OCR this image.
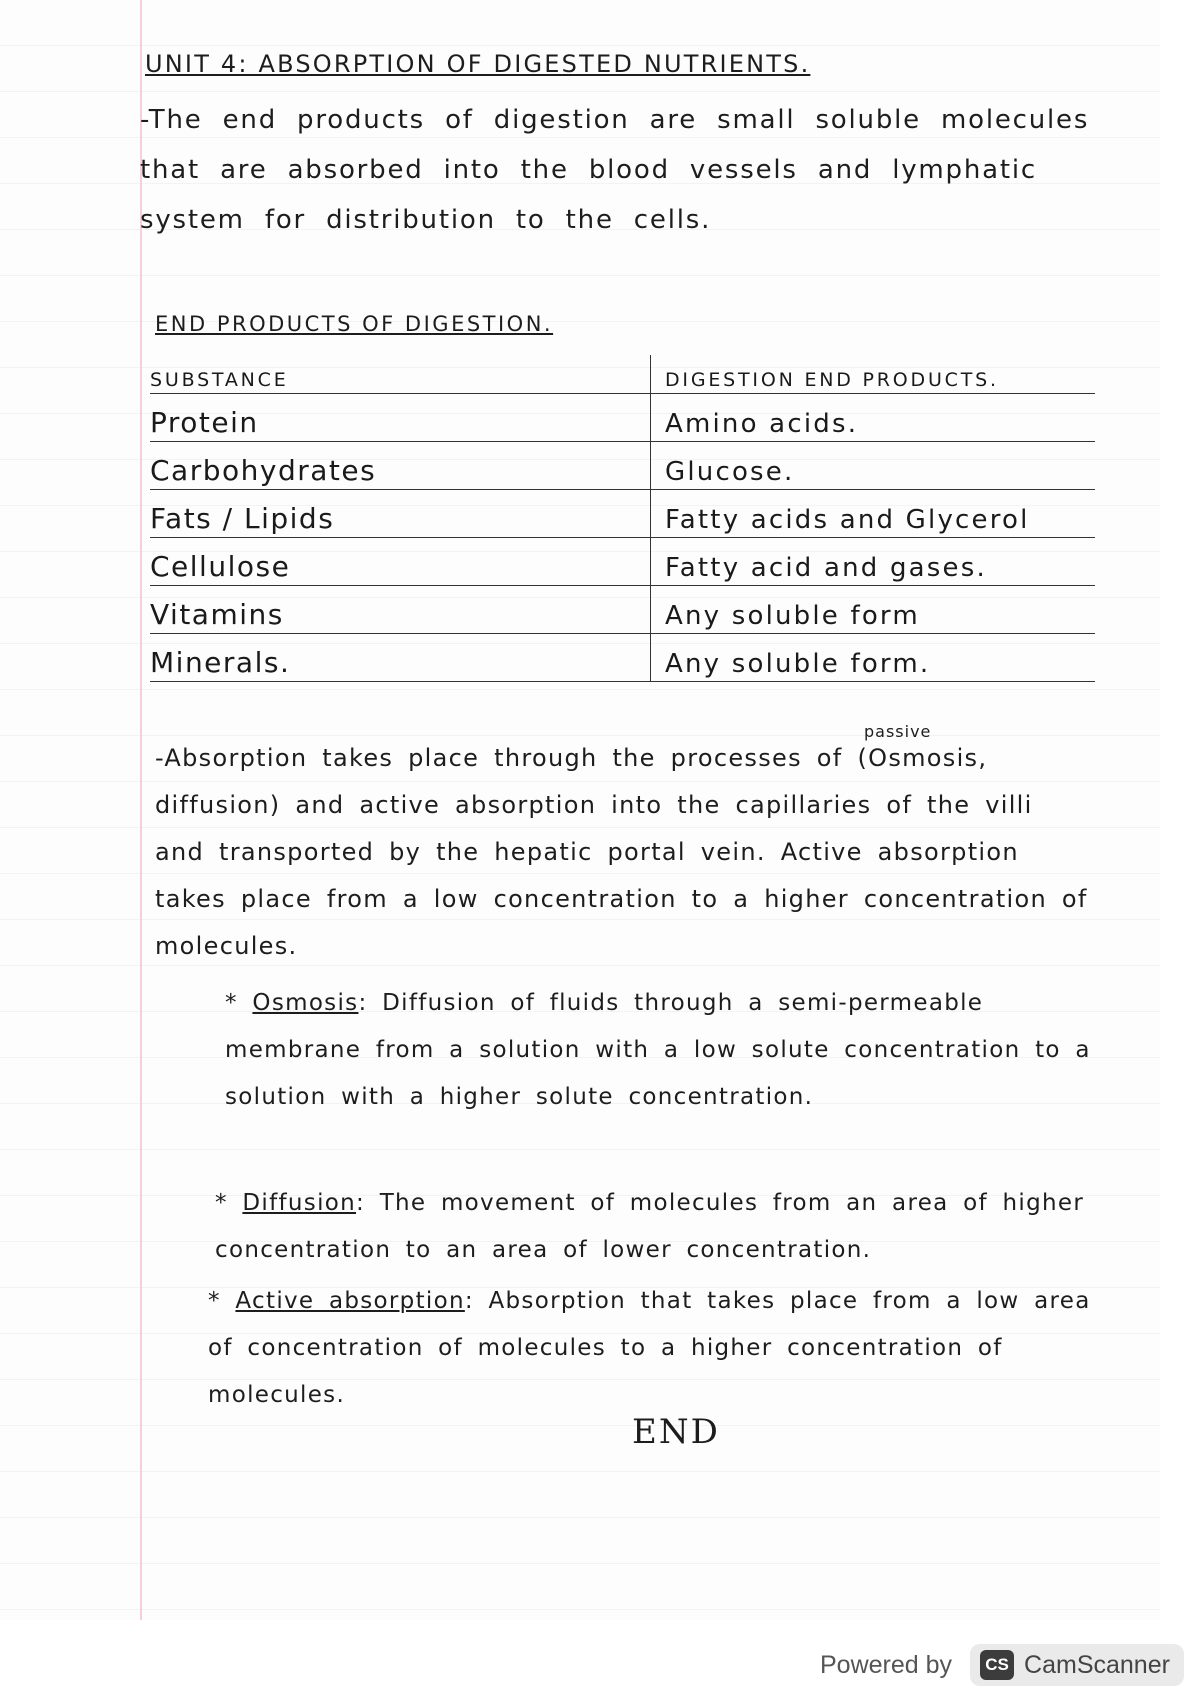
UNIT 4: ABSORPTION OF DIGESTED NUTRIENTS.
-The end products of digestion are small soluble molecules that are absorbed into the blood vessels and lymphatic system for distribution to the cells.
END PRODUCTS OF DIGESTION.
SUBSTANCE	DIGESTION END PRODUCTS.
Protein	Amino acids.
Carbohydrates	Glucose.
Fats / Lipids	Fatty acids and Glycerol
Cellulose	Fatty acid and gases.
Vitamins	Any soluble form
Minerals.	Any soluble form.
passive
-Absorption takes place through the processes of (Osmosis, diffusion) and active absorption into the capillaries of the villi and transported by the hepatic portal vein. Active absorption takes place from a low concentration to a higher concentration of molecules.
* Osmosis: Diffusion of fluids through a semi-permeable membrane from a solution with a low solute concentration to a solution with a higher solute concentration.
* Diffusion: The movement of molecules from an area of higher concentration to an area of lower concentration.
* Active absorption: Absorption that takes place from a low area of concentration of molecules to a higher concentration of molecules.
END
Powered by	CS CamScanner
